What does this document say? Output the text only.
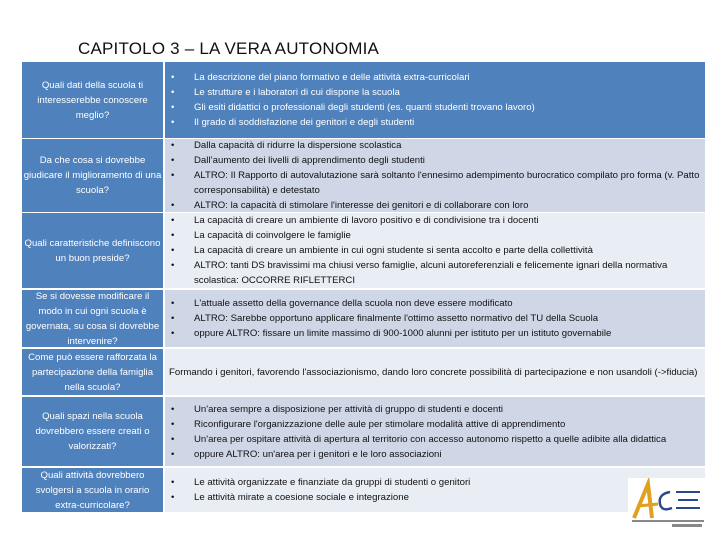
CAPITOLO 3 – LA VERA AUTONOMIA
Quali dati della scuola ti interesserebbe conoscere meglio?
• La descrizione del piano formativo e delle attività extra-curricolari
• Le strutture e i laboratori di cui dispone la scuola
• Gli esiti didattici o professionali degli studenti (es. quanti studenti trovano lavoro)
• Il grado di soddisfazione dei genitori e degli studenti
Da che cosa si dovrebbe giudicare il miglioramento di una scuola?
• Dalla capacità di ridurre la dispersione scolastica
• Dall’aumento dei livelli di apprendimento degli studenti
• ALTRO: Il Rapporto di autovalutazione sarà soltanto l'ennesimo adempimento burocratico compilato pro forma (v. Patto corresponsabilità) e detestato
• ALTRO: la capacità di stimolare l'interesse dei genitori e di collaborare con loro
Quali caratteristiche definiscono un buon preside?
• La capacità di creare un ambiente di lavoro positivo e di condivisione tra i docenti
• La capacità di coinvolgere le famiglie
• La capacità di creare un ambiente in cui ogni studente si senta accolto e parte della collettività
• ALTRO: tanti DS bravissimi ma chiusi verso famiglie, alcuni autoreferenziali e felicemente ignari della normativa scolastica: OCCORRE RIFLETTERCI
Se si dovesse modificare il modo in cui ogni scuola è governata, su cosa si dovrebbe intervenire?
• L'attuale assetto della governance della scuola non deve essere modificato
• ALTRO: Sarebbe opportuno applicare finalmente l'ottimo assetto normativo del TU della Scuola
• oppure ALTRO: fissare un limite massimo di 900-1000 alunni per istituto per un istituto governabile
Come può essere rafforzata la partecipazione della famiglia nella scuola?
Formando i genitori, favorendo l'associazionismo, dando loro concrete possibilità di partecipazione e non usandoli (->fiducia)
Quali spazi nella scuola dovrebbero essere creati o valorizzati?
• Un'area sempre a disposizione per attività di gruppo di studenti e docenti
• Riconfigurare l'organizzazione delle aule per stimolare modalità attive di apprendimento
• Un'area per ospitare attività di apertura al territorio con accesso autonomo rispetto a quelle adibite alla didattica
• oppure ALTRO: un'area per i genitori e le loro associazioni
Quali attività dovrebbero svolgersi a scuola in orario extra-curricolare?
• Le attività organizzate e finanziate da gruppi di studenti o genitori
• Le attività mirate a coesione sociale e integrazione
